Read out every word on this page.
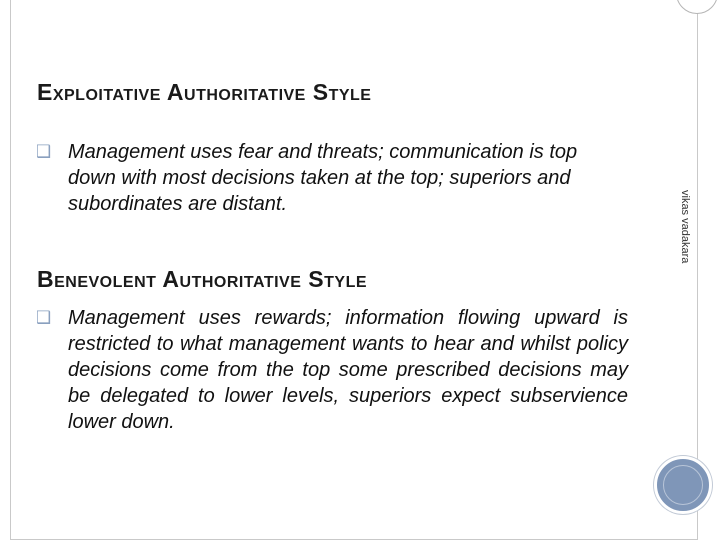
Exploitative Authoritative Style
❑ Management uses fear and threats; communication is top down with most decisions taken at the top; superiors and subordinates are distant.
Benevolent Authoritative Style
❑ Management uses rewards; information flowing upward is restricted to what management wants to hear and whilst policy decisions come from the top some prescribed decisions may be delegated to lower levels, superiors expect subservience lower down.
vikas vadakara
